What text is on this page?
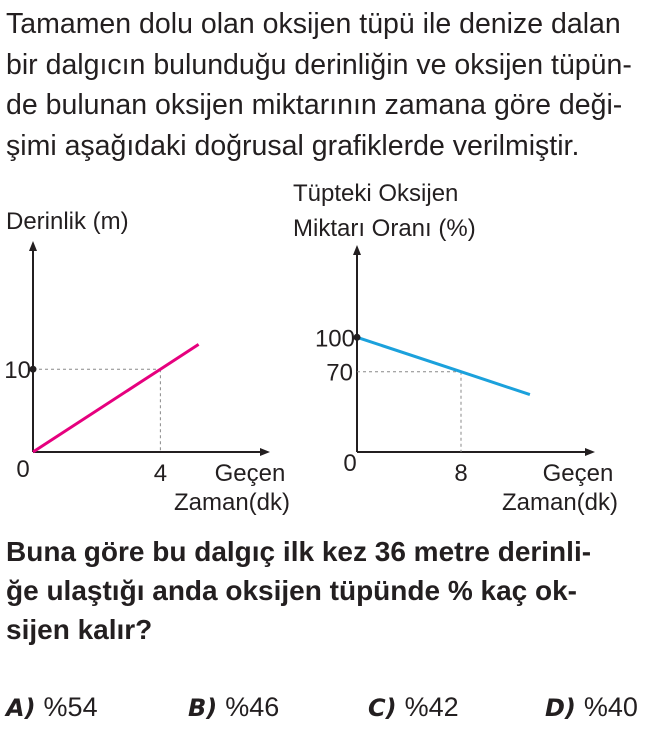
Tamamen dolu olan oksijen tüpü ile denize dalan
bir dalgıcın bulunduğu derinliğin ve oksijen tüpün-
de bulunan oksijen miktarının zamana göre deği-
şimi aşağıdaki doğrusal grafiklerde verilmiştir.

Derinlik (m)
10
4
0	Geçen
Zaman(dk)
Tüpteki Oksijen
Miktarı Oranı (%)
100
70
8
0	Geçen
Zaman(dk)

Buna göre bu dalgıç ilk kez 36 metre derinli-
ğe ulaştığı anda oksijen tüpünde % kaç ok-
sijen kalır?

A) %54	B) %46	C) %42	D) %40
